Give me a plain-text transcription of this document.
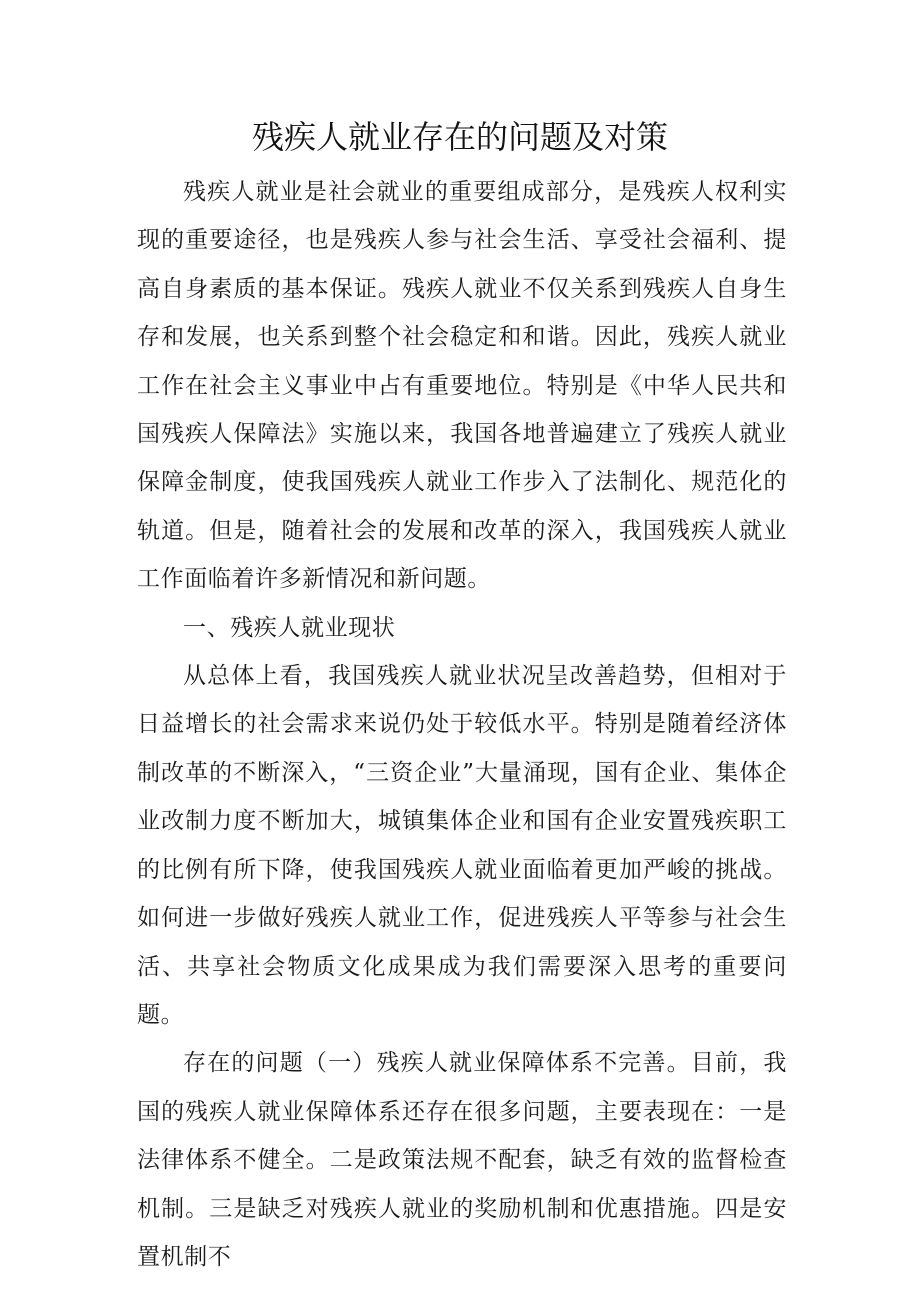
残疾人就业存在的问题及对策

残疾人就业是社会就业的重要组成部分，是残疾人权利实现的重要途径，也是残疾人参与社会生活、享受社会福利、提高自身素质的基本保证。残疾人就业不仅关系到残疾人自身生存和发展，也关系到整个社会稳定和和谐。因此，残疾人就业工作在社会主义事业中占有重要地位。特别是《中华人民共和国残疾人保障法》实施以来，我国各地普遍建立了残疾人就业保障金制度，使我国残疾人就业工作步入了法制化、规范化的轨道。但是，随着社会的发展和改革的深入，我国残疾人就业工作面临着许多新情况和新问题。

一、残疾人就业现状

从总体上看，我国残疾人就业状况呈改善趋势，但相对于日益增长的社会需求来说仍处于较低水平。特别是随着经济体制改革的不断深入，“三资企业”大量涌现，国有企业、集体企业改制力度不断加大，城镇集体企业和国有企业安置残疾职工的比例有所下降，使我国残疾人就业面临着更加严峻的挑战。如何进一步做好残疾人就业工作，促进残疾人平等参与社会生活、共享社会物质文化成果成为我们需要深入思考的重要问题。

存在的问题（一）残疾人就业保障体系不完善。目前，我国的残疾人就业保障体系还存在很多问题，主要表现在：一是法律体系不健全。二是政策法规不配套，缺乏有效的监督检查机制。三是缺乏对残疾人就业的奖励机制和优惠措施。四是安置机制不
